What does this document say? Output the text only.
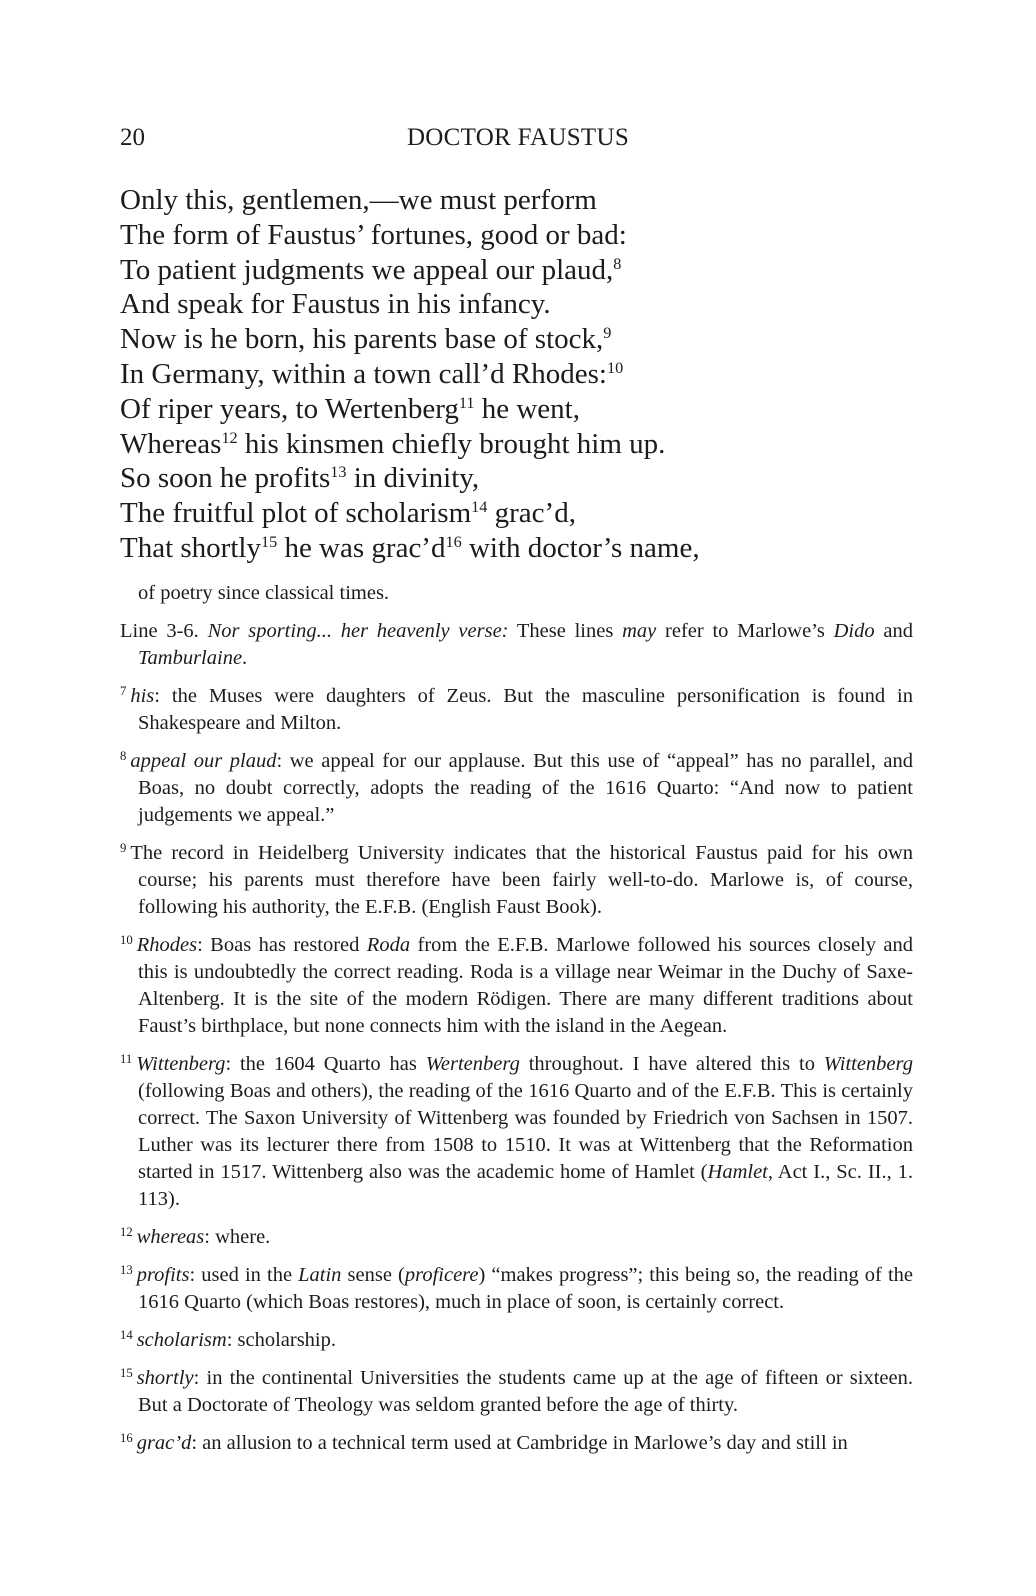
20	DOCTOR FAUSTUS
Only this, gentlemen,—we must perform
The form of Faustus’ fortunes, good or bad:
To patient judgments we appeal our plaud,$^8$
And speak for Faustus in his infancy.
Now is he born, his parents base of stock,$^9$
In Germany, within a town call’d Rhodes:$^{10}$
Of riper years, to Wertenberg$^{11}$ he went,
Whereas$^{12}$ his kinsmen chiefly brought him up.
So soon he profits$^{13}$ in divinity,
The fruitful plot of scholarism$^{14}$ grac’d,
That shortly$^{15}$ he was $grac’d^{16}$ with doctor’s name,

of poetry since classical times.

Line 3-6. Nor sporting... her heavenly verse: These lines may refer to Marlowe’s Dido and Tamburlaine.

$^7$ his: the Muses were daughters of Zeus. But the masculine personification is found in Shakespeare and Milton.

$^8$ appeal our plaud: we appeal for our applause. But this use of “appeal” has no parallel, and Boas, no doubt correctly, adopts the reading of the 1616 Quarto: “And now to patient judgements we appeal.”

$^9$ The record in Heidelberg University indicates that the historical Faustus paid for his own course; his parents must therefore have been fairly well-to-do. Marlowe is, of course, following his authority, the E.F.B. (English Faust Book).

$^{10}$ Rhodes: Boas has restored Roda from the E.F.B. Marlowe followed his sources closely and this is undoubtedly the correct reading. Roda is a village near Weimar in the Duchy of Saxe-Altenberg. It is the site of the modern Rödigen. There are many different traditions about Faust’s birthplace, but none connects him with the island in the Aegean.

$^{11}$ Wittenberg: the 1604 Quarto has Wertenberg throughout. I have altered this to Wittenberg (following Boas and others), the reading of the 1616 Quarto and of the E.F.B. This is certainly correct. The Saxon University of Wittenberg was founded by Friedrich von Sachsen in 1507. Luther was its lecturer there from 1508 to 1510. It was at Wittenberg that the Reformation started in 1517. Wittenberg also was the academic home of Hamlet (Hamlet, Act I., Sc. II., 1. 113).

$^{12}$ whereas: where.

$^{13}$ profits: used in the Latin sense (proficere) “makes progress”; this being so, the reading of the 1616 Quarto (which Boas restores), much in place of soon, is certainly correct.

$^{14}$ scholarism: scholarship.

$^{15}$ shortly: in the continental Universities the students came up at the age of fifteen or sixteen. But a Doctorate of Theology was seldom granted before the age of thirty.

$^{16}$ grac’d: an allusion to a technical term used at Cambridge in Marlowe’s day and still in
